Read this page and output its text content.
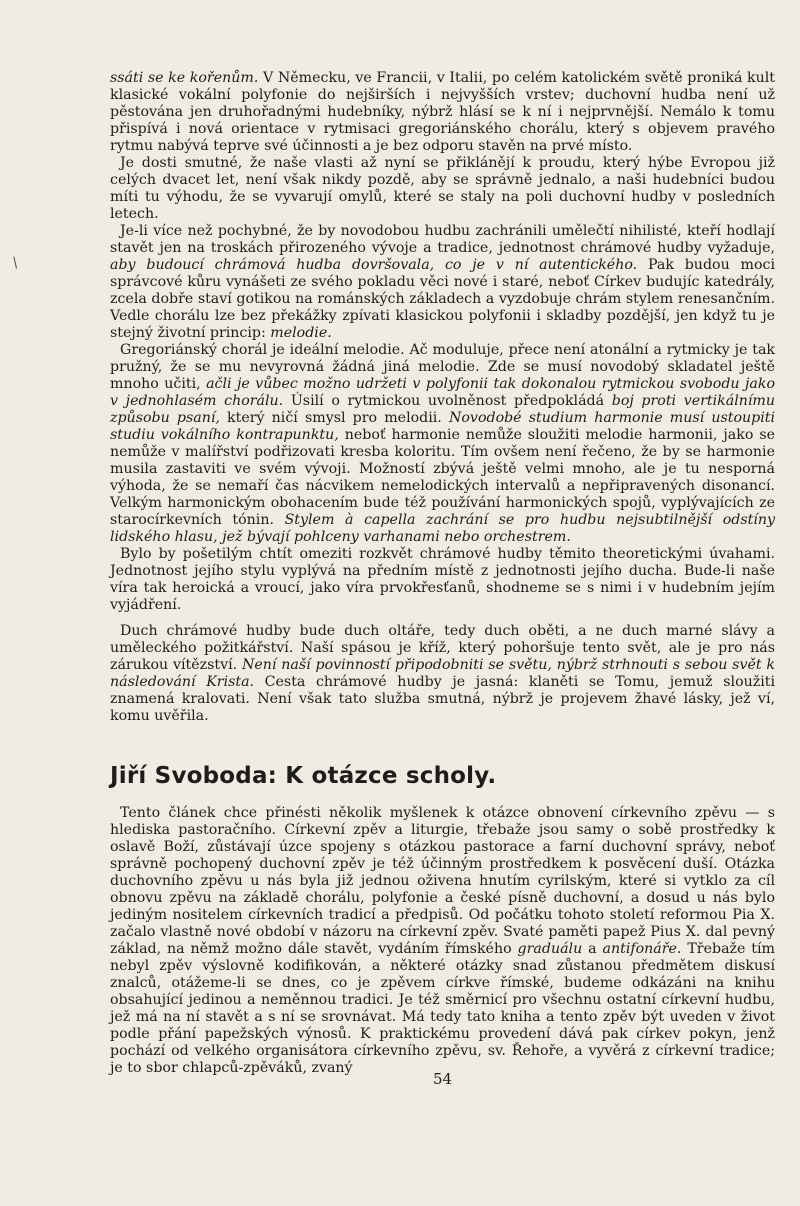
/

ssáti se ke kořenům. V Německu, ve Francii, v Italii, po celém katolickém světě proniká kult klasické vokální polyfonie do nejširších i nejvyšších vrstev; duchovní hudba není už pěstována jen druhořadnými hudebníky, nýbrž hlásí se k ní i nejprvnější. Nemálo k tomu přispívá i nová orientace v rytmisaci gregoriánského chorálu, který s objevem pravého rytmu nabývá teprve své účinnosti a je bez odporu stavěn na prvé místo.

Je dosti smutné, že naše vlasti až nyní se přiklánějí k proudu, který hýbe Evropou již celých dvacet let, není však nikdy pozdě, aby se správně jednalo, a naši hudebníci budou míti tu výhodu, že se vyvarují omylů, které se staly na poli duchovní hudby v posledních letech.

Je-li více než pochybné, že by novodobou hudbu zachránili umělečtí nihilisté, kteří hodlají stavět jen na troskách přirozeného vývoje a tradice, jednotnost chrámové hudby vyžaduje, aby budoucí chrámová hudba dovršovala, co je v ní autentického. Pak budou moci správcové kůru vynášeti ze svého pokladu věci nové i staré, neboť Církev budujíc katedrály, zcela dobře staví gotikou na románských základech a vyzdobuje chrám stylem renesančním. Vedle chorálu lze bez překážky zpívati klasickou polyfonii i skladby pozdější, jen když tu je stejný životní princip: melodie.

Gregoriánský chorál je ideální melodie. Ač moduluje, přece není atonální a rytmicky je tak pružný, že se mu nevyrovná žádná jiná melodie. Zde se musí novodobý skladatel ještě mnoho učiti, ačli je vůbec možno udržeti v polyfonii tak dokonalou rytmickou svobodu jako v jednohlasém chorálu. Úsilí o rytmickou uvolněnost předpokládá boj proti vertikálnímu způsobu psaní, který ničí smysl pro melodii. Novodobé studium harmonie musí ustoupiti studiu vokálního kontrapunktu, neboť harmonie nemůže sloužiti melodie harmonii, jako se nemůže v malířství podřizovati kresba koloritu. Tím ovšem není řečeno, že by se harmonie musila zastaviti ve svém vývoji. Možností zbývá ještě velmi mnoho, ale je tu nesporná výhoda, že se nemaří čas nácvikem nemelodických intervalů a nepřipravených disonancí. Velkým harmonickým obohacením bude též používání harmonických spojů, vyplývajících ze starocírkevních tónin. Stylem à capella zachrání se pro hudbu nejsubtilnější odstíny lidského hlasu, jež bývají pohlceny varhanami nebo orchestrem.

Bylo by pošetilým chtít omeziti rozkvět chrámové hudby těmito theoretickými úvahami. Jednotnost jejího stylu vyplývá na předním místě z jednotnosti jejího ducha. Bude-li naše víra tak heroická a vroucí, jako víra prvokřesťanů, shodneme se s nimi i v hudebním jejím vyjádření.

Duch chrámové hudby bude duch oltáře, tedy duch oběti, a ne duch marné slávy a uměleckého požitkářství. Naší spásou je kříž, který pohoršuje tento svět, ale je pro nás zárukou vítězství. Není naší povinností připodobniti se světu, nýbrž strhnouti s sebou svět k následování Krista. Cesta chrámové hudby je jasná: klaněti se Tomu, jemuž sloužiti znamená kralovati. Není však tato služba smutná, nýbrž je projevem žhavé lásky, jež ví, komu uvěřila.

Jiří Svoboda: K otázce scholy.

Tento článek chce přinésti několik myšlenek k otázce obnovení církevního zpěvu — s hlediska pastoračního. Církevní zpěv a liturgie, třebaže jsou samy o sobě prostředky k oslavě Boží, zůstávají úzce spojeny s otázkou pastorace a farní duchovní správy, neboť správně pochopený duchovní zpěv je též účinným prostředkem k posvěcení duší. Otázka duchovního zpěvu u nás byla již jednou oživena hnutím cyrilským, které si vytklo za cíl obnovu zpěvu na základě chorálu, polyfonie a české písně duchovní, a dosud u nás bylo jediným nositelem církevních tradicí a předpisů. Od počátku tohoto století reformou Pia X. začalo vlastně nové období v názoru na církevní zpěv. Svaté paměti papež Pius X. dal pevný základ, na němž možno dále stavět, vydáním římského graduálu a antifonáře. Třebaže tím nebyl zpěv výslovně kodifikován, a některé otázky snad zůstanou předmětem diskusí znalců, otážeme-li se dnes, co je zpěvem církve římské, budeme odkázáni na knihu obsahující jedinou a neměnnou tradici. Je též směrnicí pro všechnu ostatní církevní hudbu, jež má na ní stavět a s ní se srovnávat. Má tedy tato kniha a tento zpěv být uveden v život podle přání papežských výnosů. K praktickému provedení dává pak církev pokyn, jenž pochází od velkého organisátora církevního zpěvu, sv. Řehoře, a vyvěrá z církevní tradice; je to sbor chlapců-zpěváků, zvaný

54
